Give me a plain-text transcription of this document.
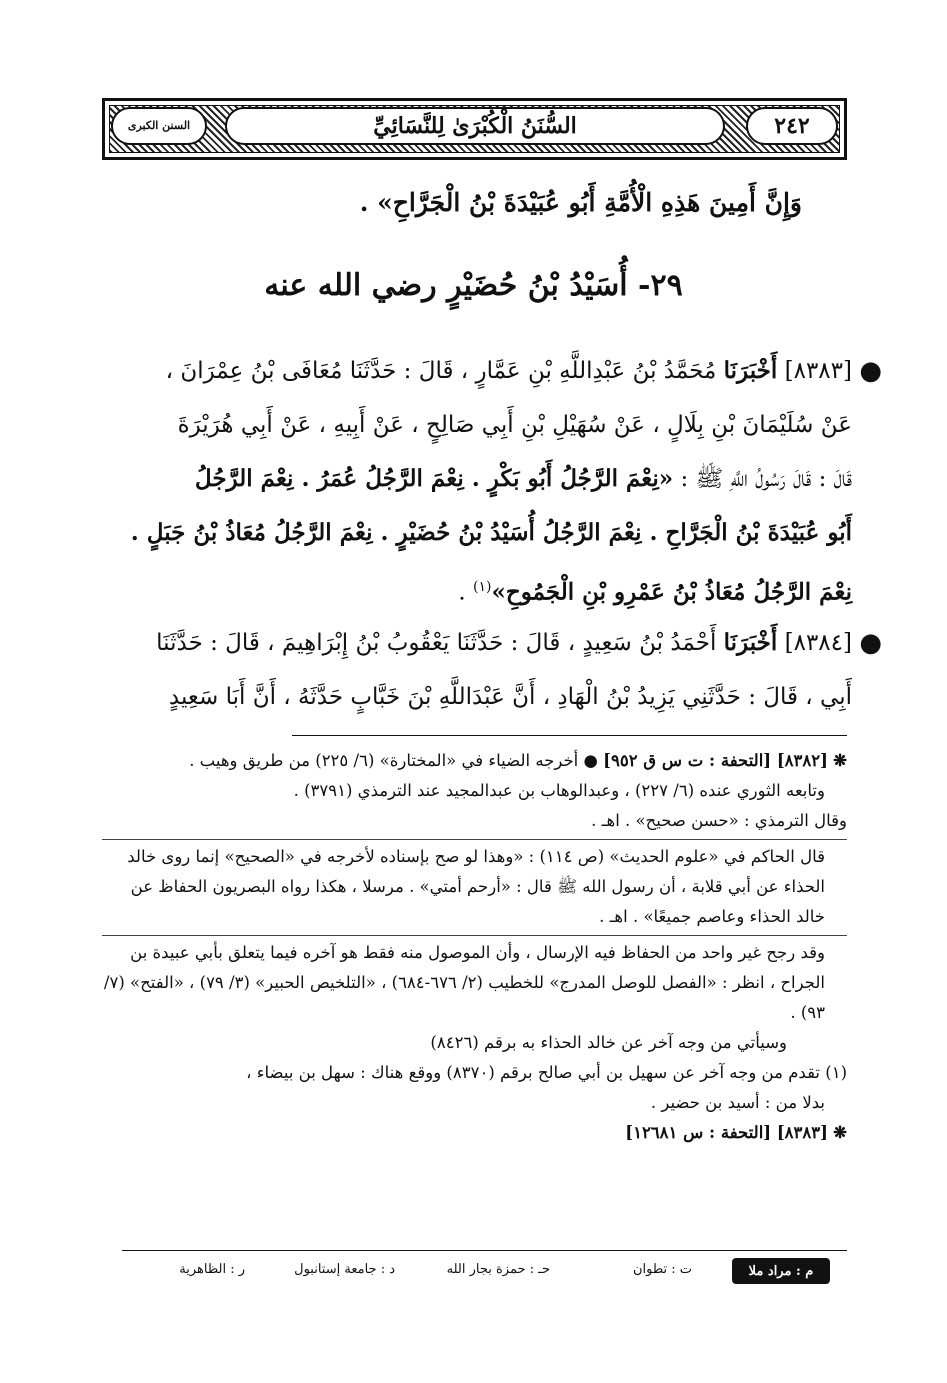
السنن الكبرى	السُّنَنُ الْكُبْرَىٰ لِلنَّسَائِيِّ	٢٤٢
وَإِنَّ أَمِينَ هَذِهِ الْأُمَّةِ أَبُو عُبَيْدَةَ بْنُ الْجَرَّاحِ» .
٢٩- أُسَيْدُ بْنُ حُضَيْرٍ رضي الله عنه
●
[٨٣٨٣] أَخْبَرَنَا مُحَمَّدُ بْنُ عَبْدِاللَّهِ بْنِ عَمَّارٍ ، قَالَ : حَدَّثَنَا مُعَافَى بْنُ عِمْرَانَ ،
عَنْ سُلَيْمَانَ بْنِ بِلَالٍ ، عَنْ سُهَيْلِ بْنِ أَبِي صَالِحٍ ، عَنْ أَبِيهِ ، عَنْ أَبِي هُرَيْرَةَ
قَالَ : قَالَ رَسُولُ اللَّهِ ﷺ : «نِعْمَ الرَّجُلُ أَبُو بَكْرٍ . نِعْمَ الرَّجُلُ عُمَرُ . نِعْمَ الرَّجُلُ
أَبُو عُبَيْدَةَ بْنُ الْجَرَّاحِ . نِعْمَ الرَّجُلُ أُسَيْدُ بْنُ حُضَيْرٍ . نِعْمَ الرَّجُلُ مُعَاذُ بْنُ جَبَلٍ .
نِعْمَ الرَّجُلُ مُعَاذُ بْنُ عَمْرِو بْنِ الْجَمُوحِ»$^{(١)}$ .
●
[٨٣٨٤] أَخْبَرَنَا أَحْمَدُ بْنُ سَعِيدٍ ، قَالَ : حَدَّثَنَا يَعْقُوبُ بْنُ إِبْرَاهِيمَ ، قَالَ : حَدَّثَنَا
أَبِي ، قَالَ : حَدَّثَنِي يَزِيدُ بْنُ الْهَادِ ، أَنَّ عَبْدَاللَّهِ بْنَ خَبَّابٍ حَدَّثَهُ ، أَنَّ أَبَا سَعِيدٍ
❋ [٨٣٨٢] [التحفة : ت س ق ٩٥٢] ● أخرجه الضياء في «المختارة» (٦/ ٢٢٥) من طريق وهيب .
وتابعه الثوري عنده (٦/ ٢٢٧) ، وعبدالوهاب بن عبدالمجيد عند الترمذي (٣٧٩١) .
وقال الترمذي : «حسن صحيح» . اهـ .
قال الحاكم في «علوم الحديث» (ص ١١٤) : «وهذا لو صح بإسناده لأخرجه في «الصحيح» إنما روى خالد الحذاء عن أبي قلابة ، أن رسول الله ﷺ قال : «أرحم أمتي» . مرسلا ، هكذا رواه البصريون الحفاظ عن خالد الحذاء وعاصم جميعًا» . اهـ .
وقد رجح غير واحد من الحفاظ فيه الإرسال ، وأن الموصول منه فقط هو آخره فيما يتعلق بأبي عبيدة بن الجراح ، انظر : «الفصل للوصل المدرج» للخطيب (٢/ ٦٧٦-٦٨٤) ، «التلخيص الحبير» (٣/ ٧٩) ، «الفتح» (٧/ ٩٣) .
وسيأتي من وجه آخر عن خالد الحذاء به برقم (٨٤٢٦)
(١) تقدم من وجه آخر عن سهيل بن أبي صالح برقم (٨٣٧٠) ووقع هناك : سهل بن بيضاء ،
بدلا من : أسيد بن حضير .
❋ [٨٣٨٣] [التحفة : س ١٢٦٨١]
م : مراد ملا
ت : تطوان
حـ : حمزة بجار الله
د : جامعة إستانبول
ر : الظاهرية
